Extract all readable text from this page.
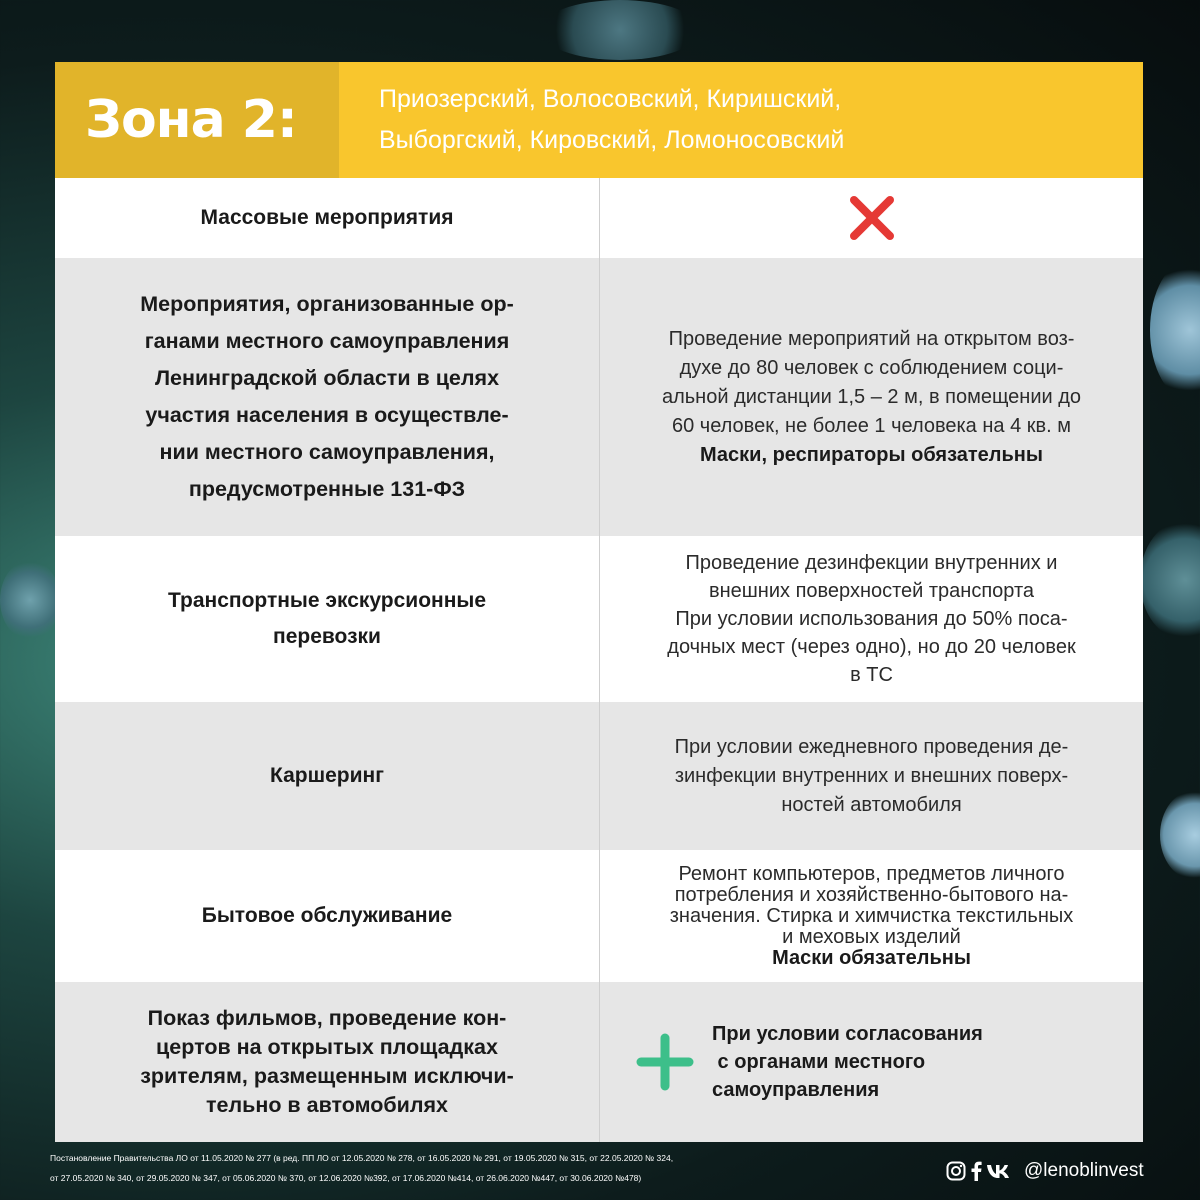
Зона 2:	Приозерский, Волосовский, Киришский,
Выборгский, Кировский, Ломоносовский
Массовые мероприятия
Мероприятия, организованные ор-
ганами местного самоуправления
Ленинградской области в целях
участия населения в осуществле-
нии местного самоуправления,
предусмотренные 131-ФЗ
Проведение мероприятий на открытом воз-
духе до 80 человек с соблюдением соци-
альной дистанции 1,5 – 2 м, в помещении до
60 человек, не более 1 человека на 4 кв. м
Маски, респираторы обязательны
Транспортные экскурсионные
перевозки
Проведение дезинфекции внутренних и
внешних поверхностей транспорта
При условии использования до 50% поса-
дочных мест (через одно), но до 20 человек
в ТС
Каршеринг
При условии ежедневного проведения де-
зинфекции внутренних и внешних поверх-
ностей автомобиля
Бытовое обслуживание
Ремонт компьютеров, предметов личного
потребления и хозяйственно-бытового на-
значения. Стирка и химчистка текстильных
и меховых изделий
Маски обязательны
Показ фильмов, проведение кон-
цертов на открытых площадках
зрителям, размещенным исключи-
тельно в автомобилях
При условии согласования
с органами местного
самоуправления
Постановление Правительства ЛО от 11.05.2020 № 277 (в ред. ПП ЛО от 12.05.2020 № 278, от 16.05.2020 № 291, от 19.05.2020 № 315, от 22.05.2020 № 324,
от 27.05.2020 № 340, от 29.05.2020 № 347, от 05.06.2020 № 370, от 12.06.2020 №392, от 17.06.2020 №414, от 26.06.2020 №447, от 30.06.2020 №478)	@lenoblinvest
